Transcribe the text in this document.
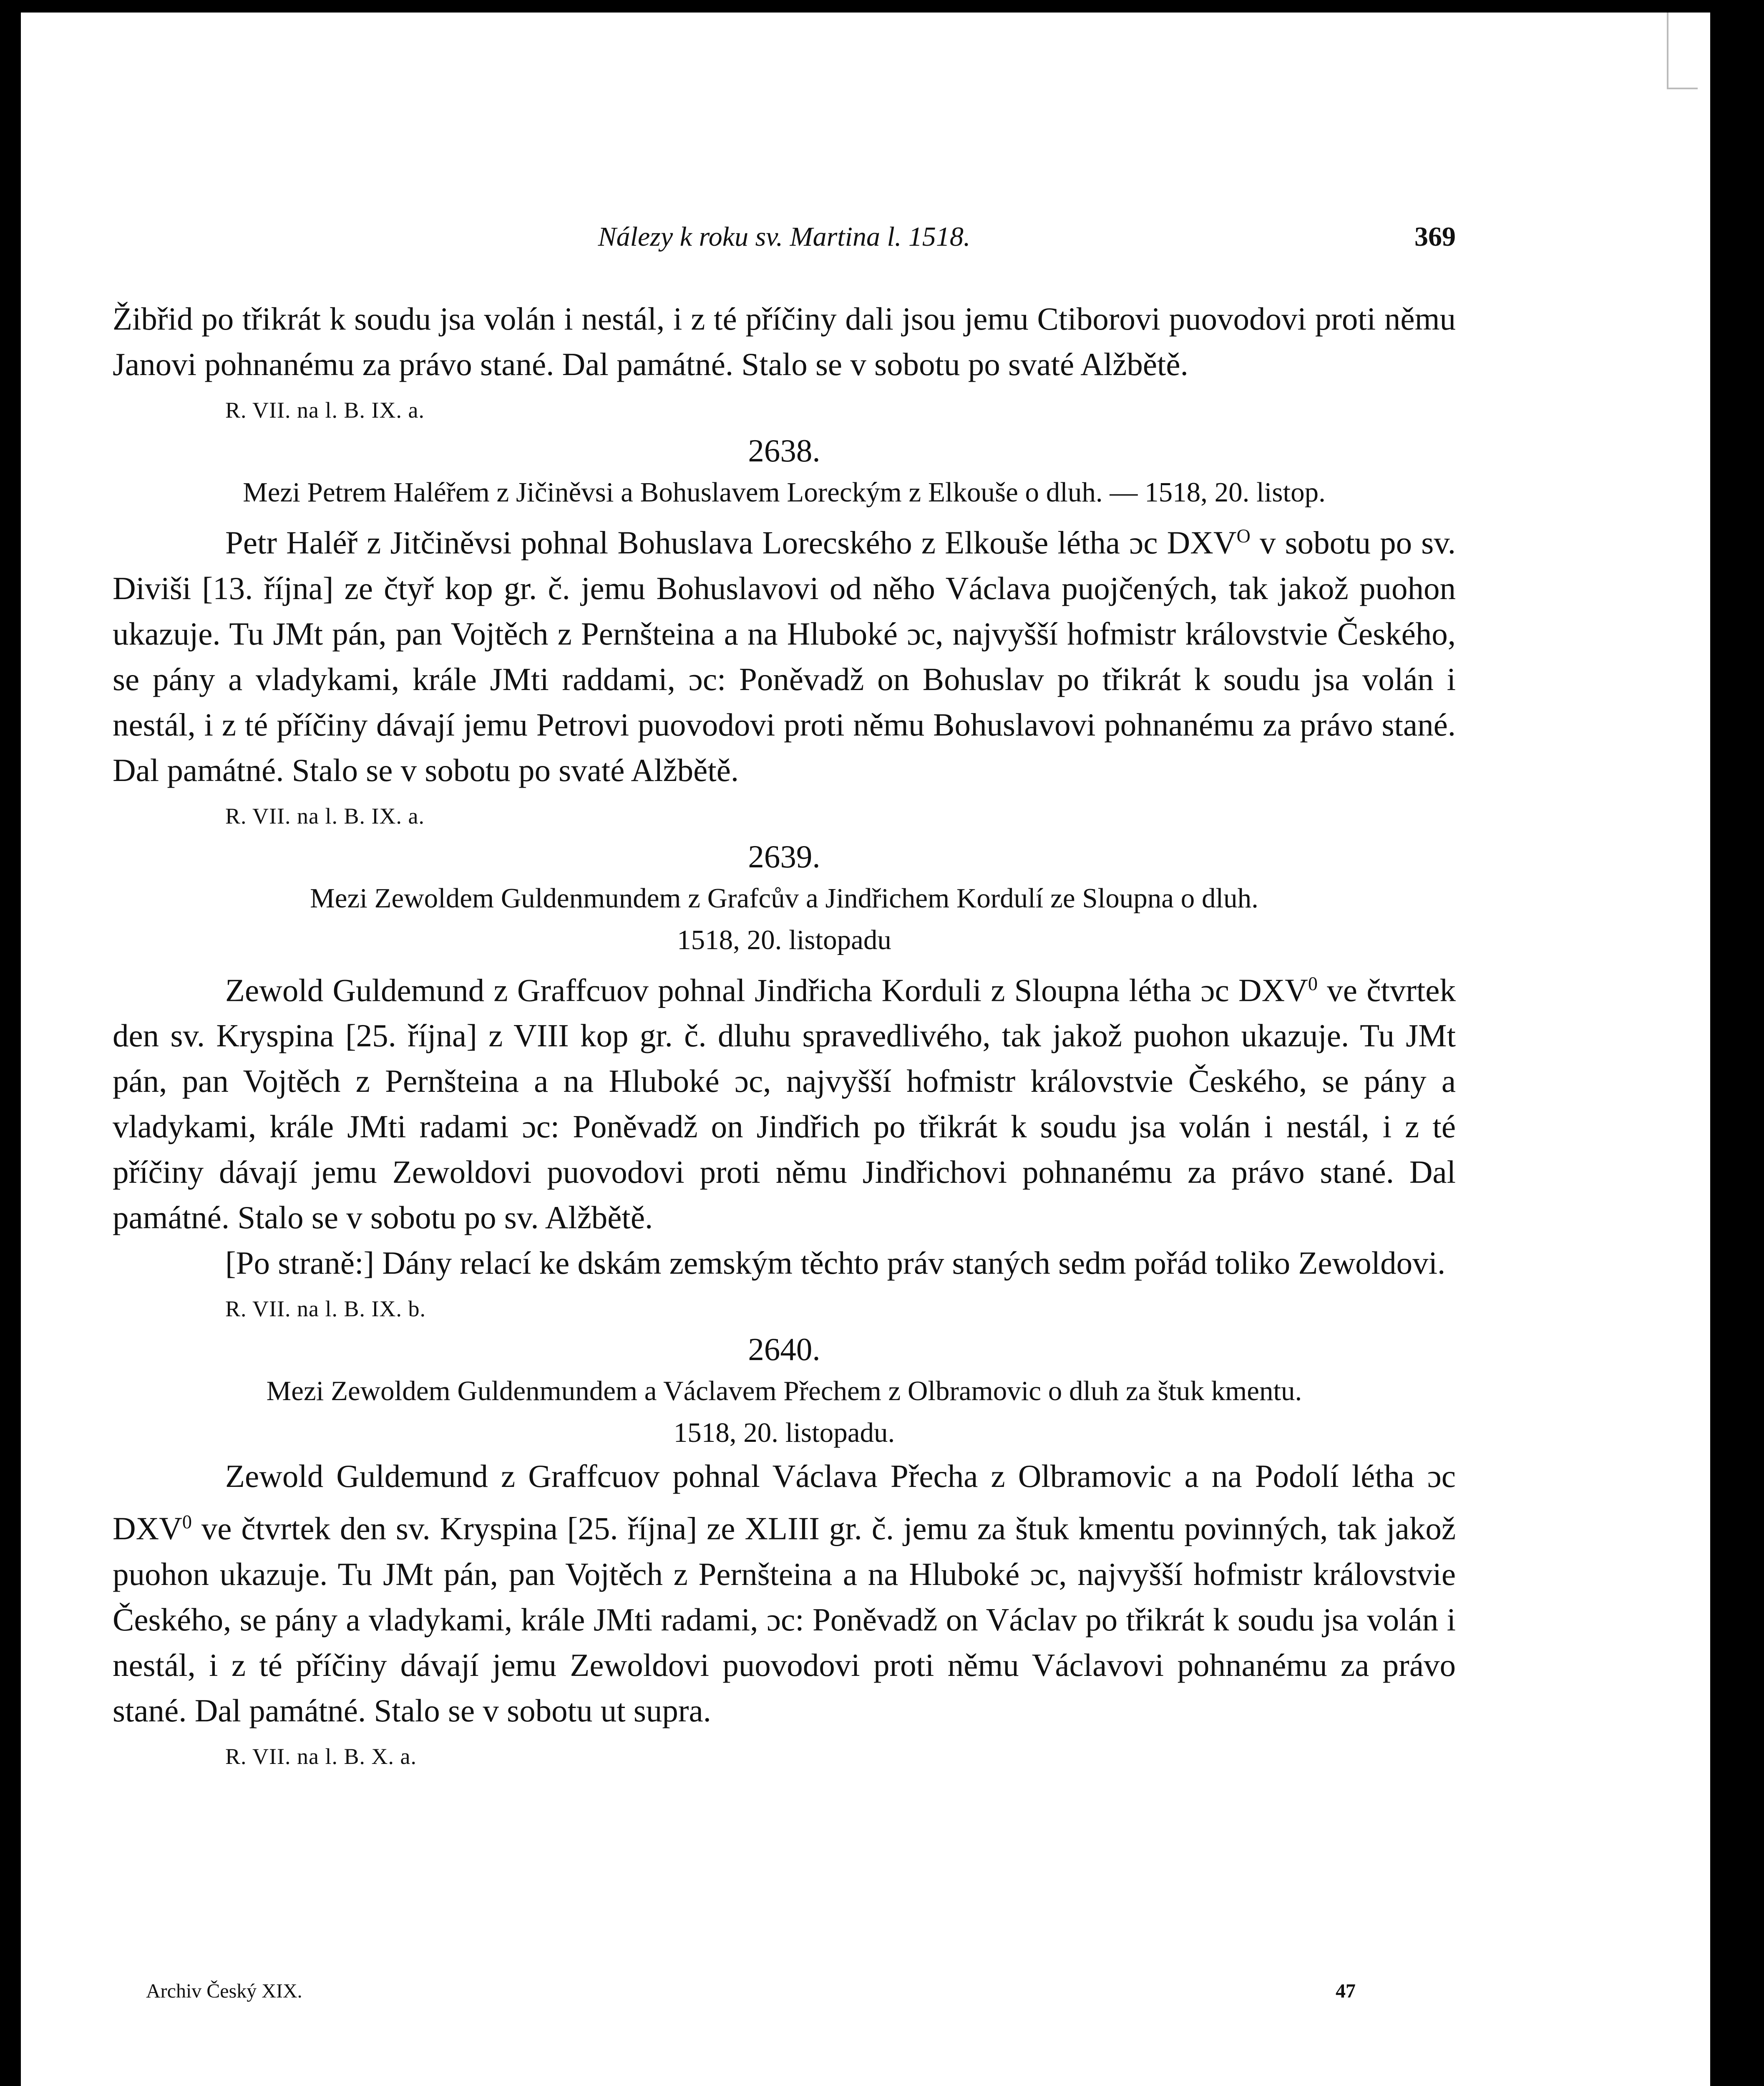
Nálezy k roku sv. Martina l. 1518.	369

Žibřid po třikrát k soudu jsa volán i nestál, i z té příčiny dali jsou jemu Ctiborovi puovodovi proti němu Janovi pohnanému za právo stané. Dal památné. Stalo se v sobotu po svaté Alžbětě.

R. VII. na l. B. IX. a.
2638.
Mezi Petrem Haléřem z Jičiněvsi a Bohuslavem Loreckým z Elkouše o dluh. — 1518, 20. listop.

Petr Haléř z Jitčiněvsi pohnal Bohuslava Lorecského z Elkouše létha ɔc $DXV^O$ v sobotu po sv. Diviši [13. října] ze čtyř kop gr. č. jemu Bohuslavovi od něho Václava puojčených, tak jakož puohon ukazuje. Tu JMt pán, pan Vojtěch z Pernšteina a na Hluboké ɔc, najvyšší hofmistr královstvie Českého, se pány a vladykami, krále JMti raddami, ɔc: Poněvadž on Bohuslav po třikrát k soudu jsa volán i nestál, i z té příčiny dávají jemu Petrovi puovodovi proti němu Bohuslavovi pohnanému za právo stané. Dal památné. Stalo se v sobotu po svaté Alžbětě.

R. VII. na l. B. IX. a.
2639.
Mezi Zewoldem Guldenmundem z Grafcův a Jindřichem Kordulí ze Sloupna o dluh.
1518, 20. listopadu

Zewold Guldemund z Graffcuov pohnal Jindřicha Korduli z Sloupna létha ɔc DXV$^0$ ve čtvrtek den sv. Kryspina [25. října] z VIII kop gr. č. dluhu spravedlivého, tak jakož puohon ukazuje. Tu JMt pán, pan Vojtěch z Pernšteina a na Hluboké ɔc, najvyšší hofmistr královstvie Českého, se pány a vladykami, krále JMti radami ɔc: Poněvadž on Jindřich po třikrát k soudu jsa volán i nestál, i z té příčiny dávají jemu Zewoldovi puovodovi proti němu Jindřichovi pohnanému za právo stané. Dal památné. Stalo se v sobotu po sv. Alžbětě.

[Po straně:] Dány relací ke dskám zemským těchto práv staných sedm pořád toliko Zewoldovi.

R. VII. na l. B. IX. b.
2640.
Mezi Zewoldem Guldenmundem a Václavem Přechem z Olbramovic o dluh za štuk kmentu.
1518, 20. listopadu.

Zewold Guldemund z Graffcuov pohnal Václava Přecha z Olbramovic a na Podolí létha ɔc DXV$^0$ ve čtvrtek den sv. Kryspina [25. října] ze XLIII gr. č. jemu za štuk kmentu povinných, tak jakož puohon ukazuje. Tu JMt pán, pan Vojtěch z Pernšteina a na Hluboké ɔc, najvyšší hofmistr královstvie Českého, se pány a vladykami, krále JMti radami, ɔc: Poněvadž on Václav po třikrát k soudu jsa volán i nestál, i z té příčiny dávají jemu Zewoldovi puovodovi proti němu Václavovi pohnanému za právo stané. Dal památné. Stalo se v sobotu ut supra.

R. VII. na l. B. X. a.
Archiv Český XIX.	47
